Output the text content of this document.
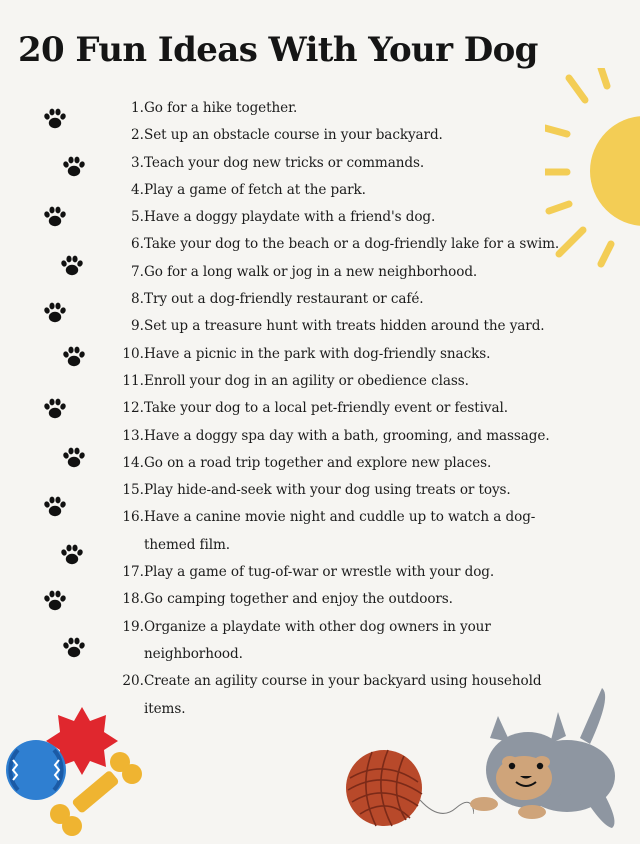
20 Fun Ideas With Your Dog
1. Go for a hike together.
2. Set up an obstacle course in your backyard.
3. Teach your dog new tricks or commands.
4. Play a game of fetch at the park.
5. Have a doggy playdate with a friend's dog.
6. Take your dog to the beach or a dog-friendly lake for a swim.
7. Go for a long walk or jog in a new neighborhood.
8. Try out a dog-friendly restaurant or café.
9. Set up a treasure hunt with treats hidden around the yard.
10. Have a picnic in the park with dog-friendly snacks.
11. Enroll your dog in an agility or obedience class.
12. Take your dog to a local pet-friendly event or festival.
13. Have a doggy spa day with a bath, grooming, and massage.
14. Go on a road trip together and explore new places.
15. Play hide-and-seek with your dog using treats or toys.
16. Have a canine movie night and cuddle up to watch a dog-themed film.
17. Play a game of tug-of-war or wrestle with your dog.
18. Go camping together and enjoy the outdoors.
19. Organize a playdate with other dog owners in your neighborhood.
20. Create an agility course in your backyard using household items.
